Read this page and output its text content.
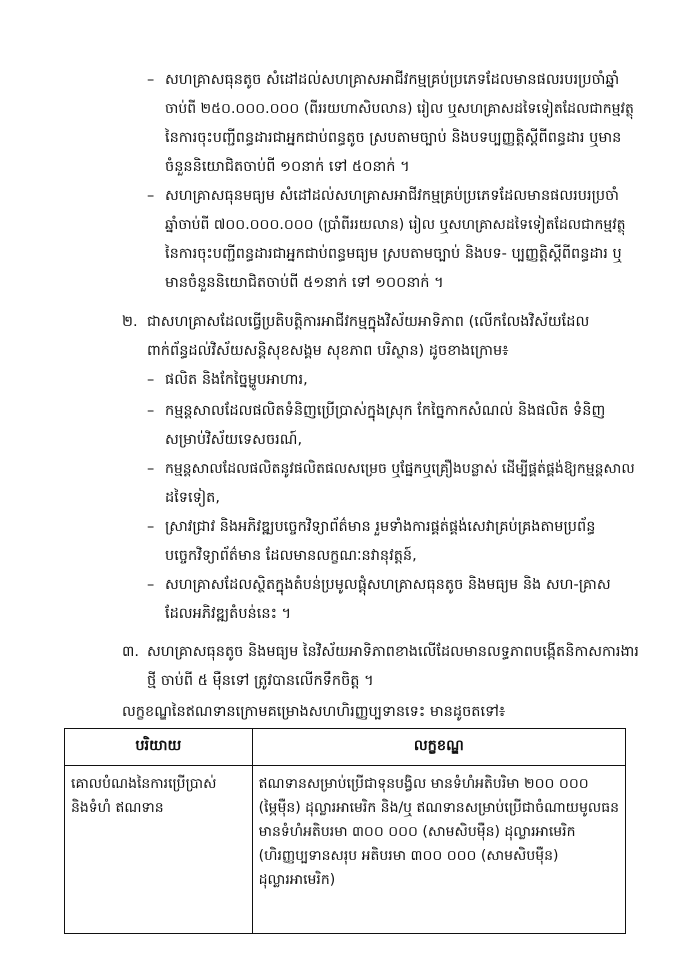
– សហគ្រាសធុនតូច សំដៅដល់សហគ្រាសអាជីវកម្មគ្រប់ប្រភេទដែលមានផលរបរប្រចាំឆ្នាំ
ចាប់ពី ២៥០.០០០.០០០ (ពីររយហាសិបលាន) រៀល ឬសហគ្រាសដទៃទៀតដែលជាកម្មវត្ថុ
នៃការចុះបញ្ជីពន្ធដារជាអ្នកជាប់ពន្ធតូច ស្របតាមច្បាប់ និងបទប្បញ្ញត្តិស្តីពីពន្ធដារ ឬមាន
ចំនួននិយោជិតចាប់ពី ១០នាក់ ទៅ ៥០នាក់ ។
– សហគ្រាសធុនមធ្យម សំដៅដល់សហគ្រាសអាជីវកម្មគ្រប់ប្រភេទដែលមានផលរបរប្រចាំ
ឆ្នាំចាប់ពី ៧០០.០០០.០០០ (ប្រាំពីររយលាន) រៀល ឬសហគ្រាសដទៃទៀតដែលជាកម្មវត្ថុ
នៃការចុះបញ្ជីពន្ធដារជាអ្នកជាប់ពន្ធមធ្យម ស្របតាមច្បាប់ និងបទ- ប្បញ្ញត្តិស្តីពីពន្ធដារ ឬ
មានចំនួននិយោជិតចាប់ពី ៥១នាក់ ទៅ ១០០នាក់ ។
២. ជាសហគ្រាសដែលធ្វើប្រតិបត្តិការអាជីវកម្មក្នុងវិស័យអាទិភាព (លើកលែងវិស័យដែល
ពាក់ព័ន្ធដល់វិស័យសន្តិសុខសង្គម សុខភាព បរិស្ថាន) ដូចខាងក្រោម៖
– ផលិត និងកែច្នៃម្ហូបអាហារ,
– កម្មន្តសាលដែលផលិតទំនិញប្រើប្រាស់ក្នុងស្រុក កែច្នៃកាកសំណល់ និងផលិត ទំនិញ
សម្រាប់វិស័យទេសចរណ៍,
– កម្មន្តសាលដែលផលិតនូវផលិតផលសម្រេច ឬផ្នែកឬគ្រឿងបន្លាស់ ដើម្បីផ្គត់ផ្គង់ឱ្យកម្មន្តសាល
ដទៃទៀត,
– ស្រាវជ្រាវ និងអភិវឌ្ឍបច្ចេកវិទ្យាព័ត៌មាន រួមទាំងការផ្គត់ផ្គង់សេវាគ្រប់គ្រងតាមប្រព័ន្ធ
បច្ចេកវិទ្យាព័ត៌មាន ដែលមានលក្ខណៈនវានុវត្តន៍,
– សហគ្រាសដែលស្ថិតក្នុងតំបន់ប្រមូលផ្តុំសហគ្រាសធុនតូច និងមធ្យម និង សហ-គ្រាស
ដែលអភិវឌ្ឍតំបន់នេះ ។
៣. សហគ្រាសធុនតូច និងមធ្យម នៃវិស័យអាទិភាពខាងលើដែលមានលទ្ធភាពបង្កើតនិកាសការងារ
ថ្មី ចាប់ពី ៥ ម៉ឺនទៅ ត្រូវបានលើកទឹកចិត្ត ។
លក្ខខណ្ឌនៃឥណទានក្រោមគម្រោងសហហិរញ្ញប្បទានទេះ មានដូចតទៅ៖
បរិយាយ	លក្ខខណ្ឌ

គោលបំណងនៃការប្រើប្រាស់
និងទំហំ ឥណទាន	ឥណទានសម្រាប់ប្រើជាទុនបង្វិល មានទំហំអតិបរិមា ២០០ ០០០
(ម្ភៃម៉ឺន) ដុល្លារអាមេរិក និង/ឬ ឥណទានសម្រាប់ប្រើជាចំណាយមូលធន
មានទំហំអតិបរមា ៣០០ ០០០ (សាមសិបម៉ឺន) ដុល្លារអាមេរិក
(ហិរញ្ញប្បទានសរុប អតិបរមា ៣០០ ០០០ (សាមសិបម៉ឺន)
ដុល្លារអាមេរិក)
